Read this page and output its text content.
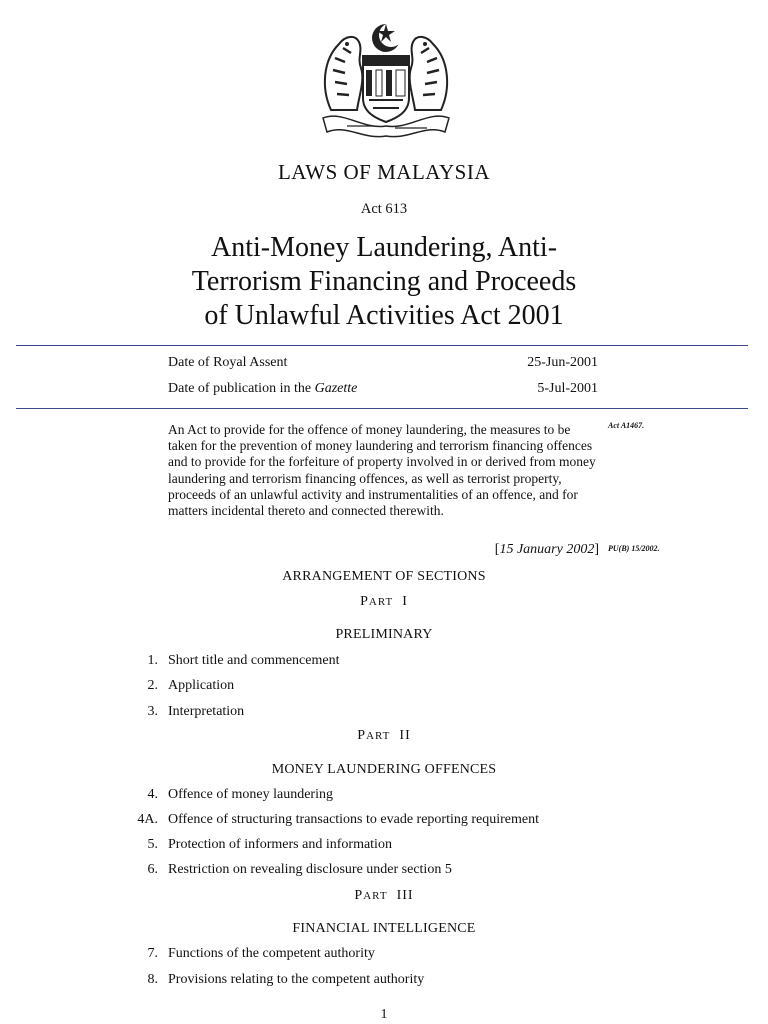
LAWS OF MALAYSIA
Act 613
Anti-Money Laundering, Anti-
Terrorism Financing and Proceeds
of Unlawful Activities Act 2001
Date of Royal Assent	25-Jun-2001
Date of publication in the Gazette	5-Jul-2001
An Act to provide for the offence of money laundering, the measures to be taken for the prevention of money laundering and terrorism financing offences and to provide for the forfeiture of property involved in or derived from money laundering and terrorism financing offences, as well as terrorist property, proceeds of an unlawful activity and instrumentalities of an offence, and for matters incidental thereto and connected therewith.
Act A1467.
[15 January 2002] PU(B) 15/2002.
ARRANGEMENT OF SECTIONS
PART I
PRELIMINARY
1. Short title and commencement
2. Application
3. Interpretation
PART II
MONEY LAUNDERING OFFENCES
4. Offence of money laundering
4A. Offence of structuring transactions to evade reporting requirement
5. Protection of informers and information
6. Restriction on revealing disclosure under section 5
PART III
FINANCIAL INTELLIGENCE
7. Functions of the competent authority
8. Provisions relating to the competent authority
1
